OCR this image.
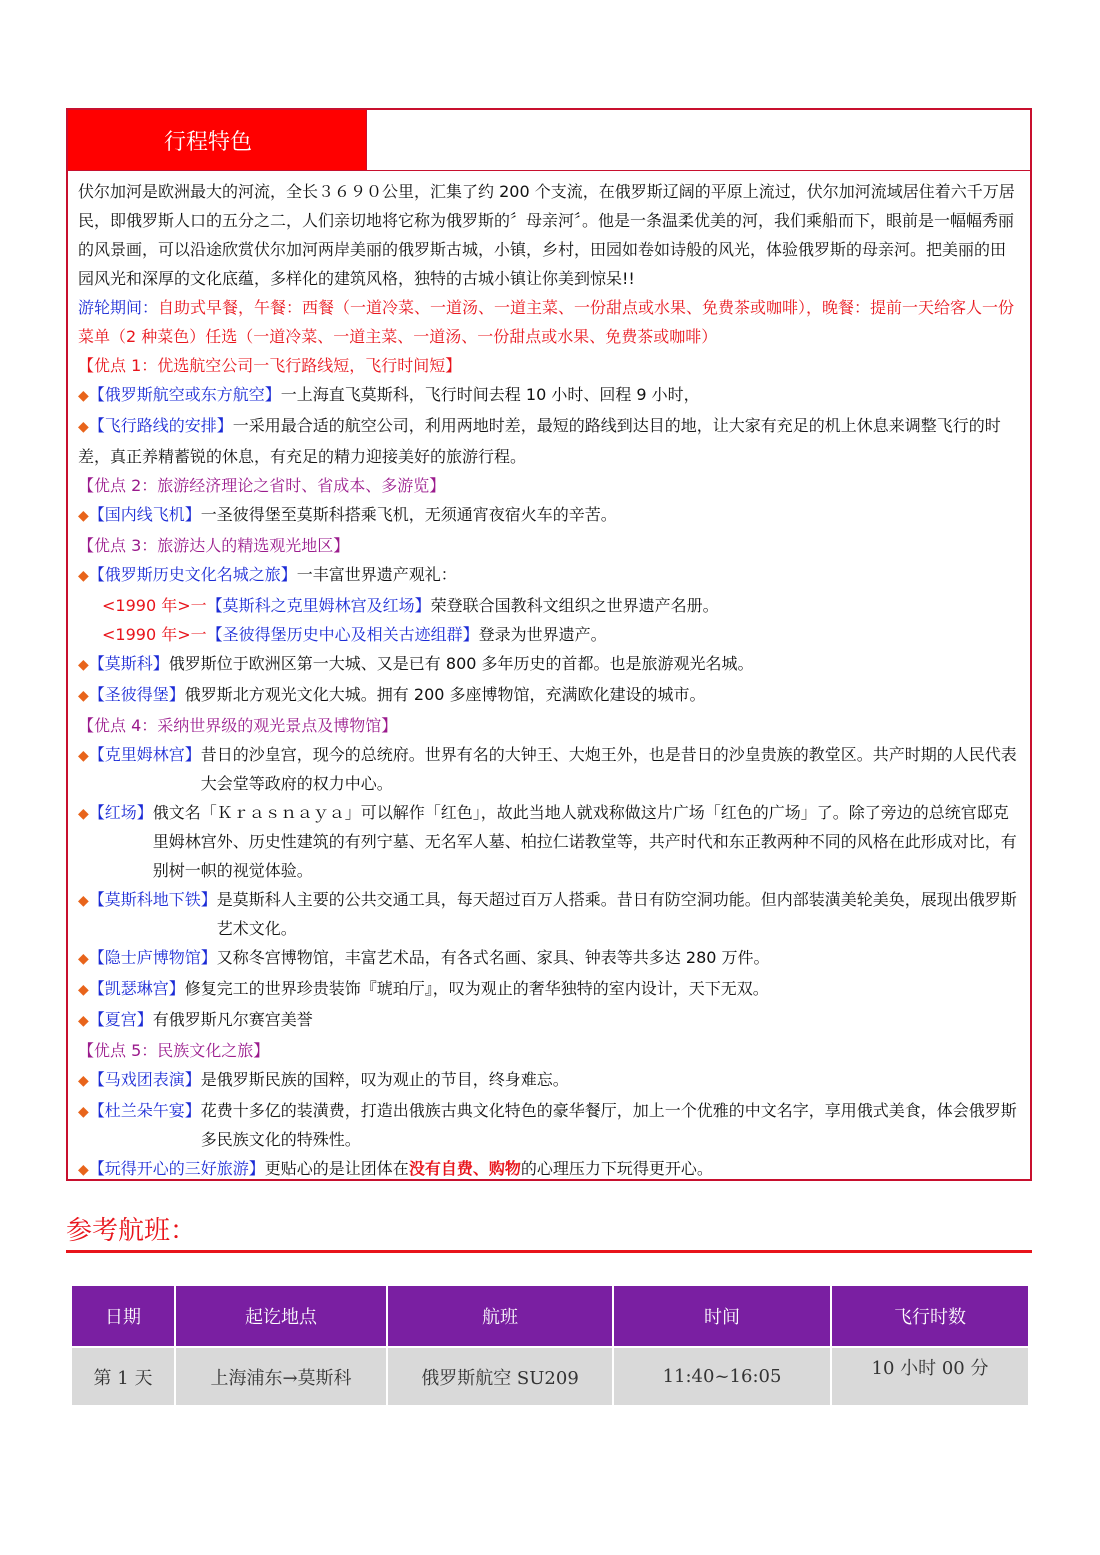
行程特色

伏尔加河是欧洲最大的河流，全长３６９０公里，汇集了约 200 个支流，在俄罗斯辽阔的平原上流过，伏尔加河流域居住着六千万居民，即俄罗斯人口的五分之二，人们亲切地将它称为俄罗斯的〞母亲河〞。他是一条温柔优美的河，我们乘船而下，眼前是一幅幅秀丽的风景画，可以沿途欣赏伏尔加河两岸美丽的俄罗斯古城，小镇，乡村，田园如卷如诗般的风光，体验俄罗斯的母亲河。把美丽的田园风光和深厚的文化底蕴，多样化的建筑风格，独特的古城小镇让你美到惊呆!!

游轮期间：自助式早餐，午餐：西餐（一道冷菜、一道汤、一道主菜、一份甜点或水果、免费茶或咖啡），晚餐：提前一天给客人一份菜单（2 种菜色）任选（一道冷菜、一道主菜、一道汤、一份甜点或水果、免费茶或咖啡）

【优点 1：优选航空公司一飞行路线短，飞行时间短】
◆【俄罗斯航空或东方航空】一上海直飞莫斯科，飞行时间去程 10 小时、回程 9 小时，
◆【飞行路线的安排】一采用最合适的航空公司，利用两地时差，最短的路线到达目的地，让大家有充足的机上休息来调整飞行的时差，真正养精蓄锐的休息，有充足的精力迎接美好的旅游行程。
【优点 2：旅游经济理论之省时、省成本、多游览】
◆【国内线飞机】一圣彼得堡至莫斯科搭乘飞机，无须通宵夜宿火车的辛苦。
【优点 3：旅游达人的精选观光地区】
◆【俄罗斯历史文化名城之旅】一丰富世界遗产观礼：
<1990 年>一【莫斯科之克里姆林宫及红场】荣登联合国教科文组织之世界遗产名册。
<1990 年>一【圣彼得堡历史中心及相关古迹组群】登录为世界遗产。
◆【莫斯科】俄罗斯位于欧洲区第一大城、又是已有 800 多年历史的首都。也是旅游观光名城。
◆【圣彼得堡】俄罗斯北方观光文化大城。拥有 200 多座博物馆，充满欧化建设的城市。
【优点 4：采纳世界级的观光景点及博物馆】
◆【克里姆林宫】 昔日的沙皇宫，现今的总统府。世界有名的大钟王、大炮王外，也是昔日的沙皇贵族的教堂区。共产时期的人民代表大会堂等政府的权力中心。
◆【红场】 俄文名「Ｋｒａｓｎａｙａ」可以解作「红色」，故此当地人就戏称做这片广场「红色的广场」了。除了旁边的总统官邸克里姆林宫外、历史性建筑的有列宁墓、无名军人墓、柏拉仁诺教堂等，共产时代和东正教两种不同的风格在此形成对比，有别树一帜的视觉体验。
◆【莫斯科地下铁】 是莫斯科人主要的公共交通工具，每天超过百万人搭乘。昔日有防空洞功能。但内部装潢美轮美奂，展现出俄罗斯艺术文化。
◆【隐士庐博物馆】又称冬宫博物馆，丰富艺术品，有各式名画、家具、钟表等共多达 280 万件。
◆【凯瑟琳宫】修复完工的世界珍贵装饰『琥珀厅』，叹为观止的奢华独特的室内设计，天下无双。
◆【夏宫】有俄罗斯凡尔赛宫美誉
【优点 5：民族文化之旅】
◆【马戏团表演】是俄罗斯民族的国粹，叹为观止的节目，终身难忘。
◆【杜兰朵午宴】 花费十多亿的装潢费，打造出俄族古典文化特色的豪华餐厅，加上一个优雅的中文名字，享用俄式美食，体会俄罗斯多民族文化的特殊性。
◆【玩得开心的三好旅游】更贴心的是让团体在没有自费、购物的心理压力下玩得更开心。
参考航班：
日期	起讫地点	航班	时间	飞行时数
第 1 天	上海浦东→莫斯科	俄罗斯航空 SU209	11:40~16:05	10 小时 00 分
